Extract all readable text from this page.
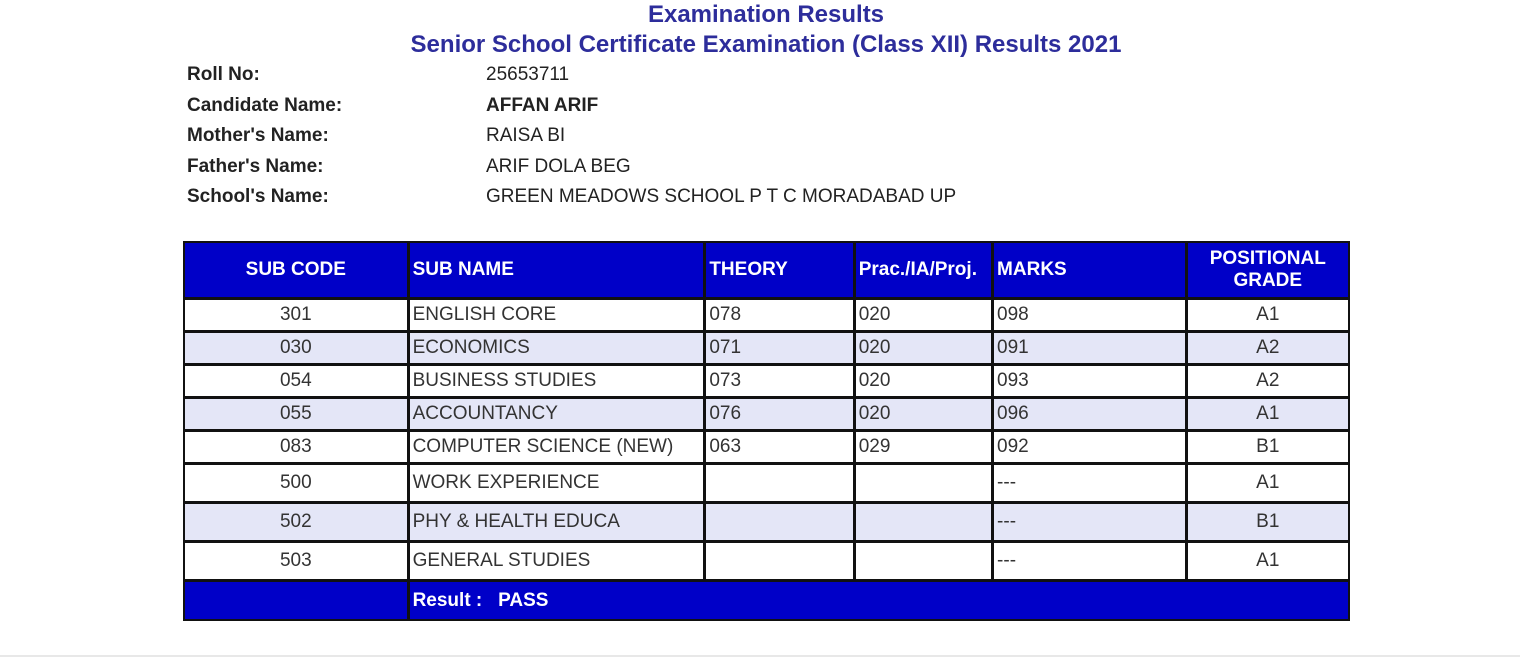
Examination Results
Senior School Certificate Examination (Class XII) Results 2021
Roll No:	25653711
Candidate Name:	AFFAN ARIF
Mother's Name:	RAISA BI
Father's Name:	ARIF DOLA BEG
School's Name:	GREEN MEADOWS SCHOOL P T C MORADABAD UP
SUB CODE	SUB NAME	THEORY	Prac./IA/Proj.	MARKS	POSITIONAL
GRADE
301	ENGLISH CORE	078	020	098	A1
030	ECONOMICS	071	020	091	A2
054	BUSINESS STUDIES	073	020	093	A2
055	ACCOUNTANCY	076	020	096	A1
083	COMPUTER SCIENCE (NEW)	063	029	092	B1
500	WORK EXPERIENCE			---	A1
502	PHY & HEALTH EDUCA			---	B1
503	GENERAL STUDIES			---	A1
	Result : PASS				
